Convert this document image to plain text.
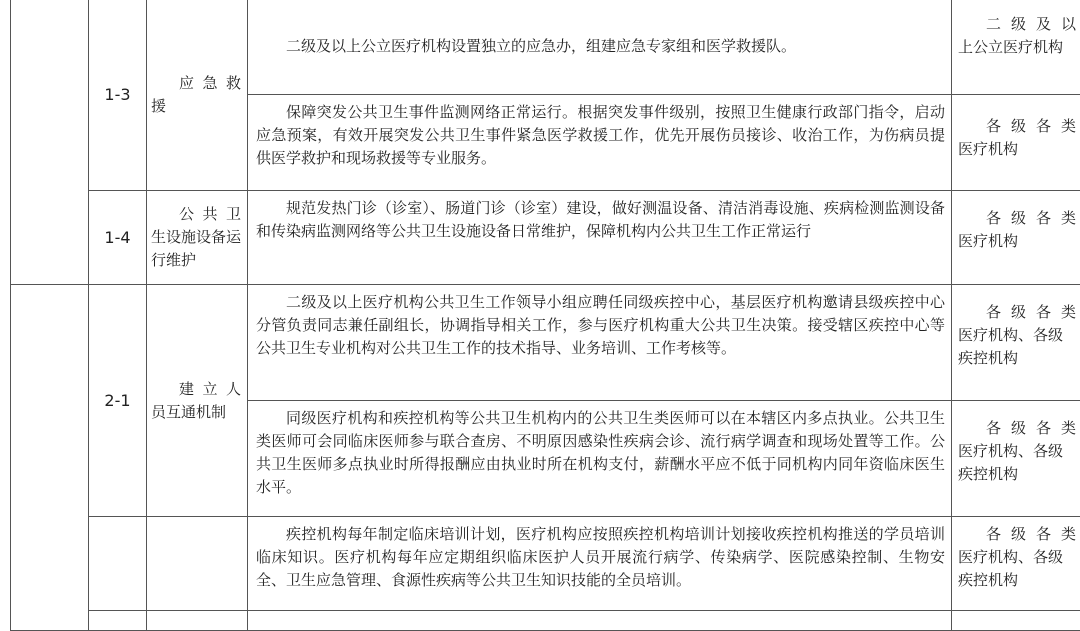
	1-3	应 急 救
援	二级及以上公立医疗机构设置独立的应急办，组建应急专家组和医学救援队。	二 级 及 以
上公立医疗机构

			保障突发公共卫生事件监测网络正常运行。根据突发事件级别，按照卫生健康行政部门指令，启动应急预案，有效开展突发公共卫生事件紧急医学救援工作，优先开展伤员接诊、收治工作，为伤病员提供医学救护和现场救援等专业服务。	各 级 各 类
医疗机构
	1-4	公 共 卫
生设施设备运行维护	规范发热门诊（诊室）、肠道门诊（诊室）建设，做好测温设备、清洁消毒设施、疾病检测监测设备和传染病监测网络等公共卫生设施设备日常维护，保障机构内公共卫生工作正常运行	各 级 各 类
医疗机构
	2-1	建 立 人
员互通机制	二级及以上医疗机构公共卫生工作领导小组应聘任同级疾控中心，基层医疗机构邀请县级疾控中心分管负责同志兼任副组长，协调指导相关工作，参与医疗机构重大公共卫生决策。接受辖区疾控中心等公共卫生专业机构对公共卫生工作的技术指导、业务培训、工作考核等。	各 级 各 类
医疗机构、各级疾控机构

			同级医疗机构和疾控机构等公共卫生机构内的公共卫生类医师可以在本辖区内多点执业。公共卫生类医师可会同临床医师参与联合查房、不明原因感染性疾病会诊、流行病学调查和现场处置等工作。公共卫生医师多点执业时所得报酬应由执业时所在机构支付，薪酬水平应不低于同机构内同年资临床医生水平。	各 级 各 类
医疗机构、各级疾控机构

			疾控机构每年制定临床培训计划，医疗机构应按照疾控机构培训计划接收疾控机构推送的学员培训临床知识。医疗机构每年应定期组织临床医护人员开展流行病学、传染病学、医院感染控制、生物安全、卫生应急管理、食源性疾病等公共卫生知识技能的全员培训。	各 级 各 类
医疗机构、各级疾控机构
